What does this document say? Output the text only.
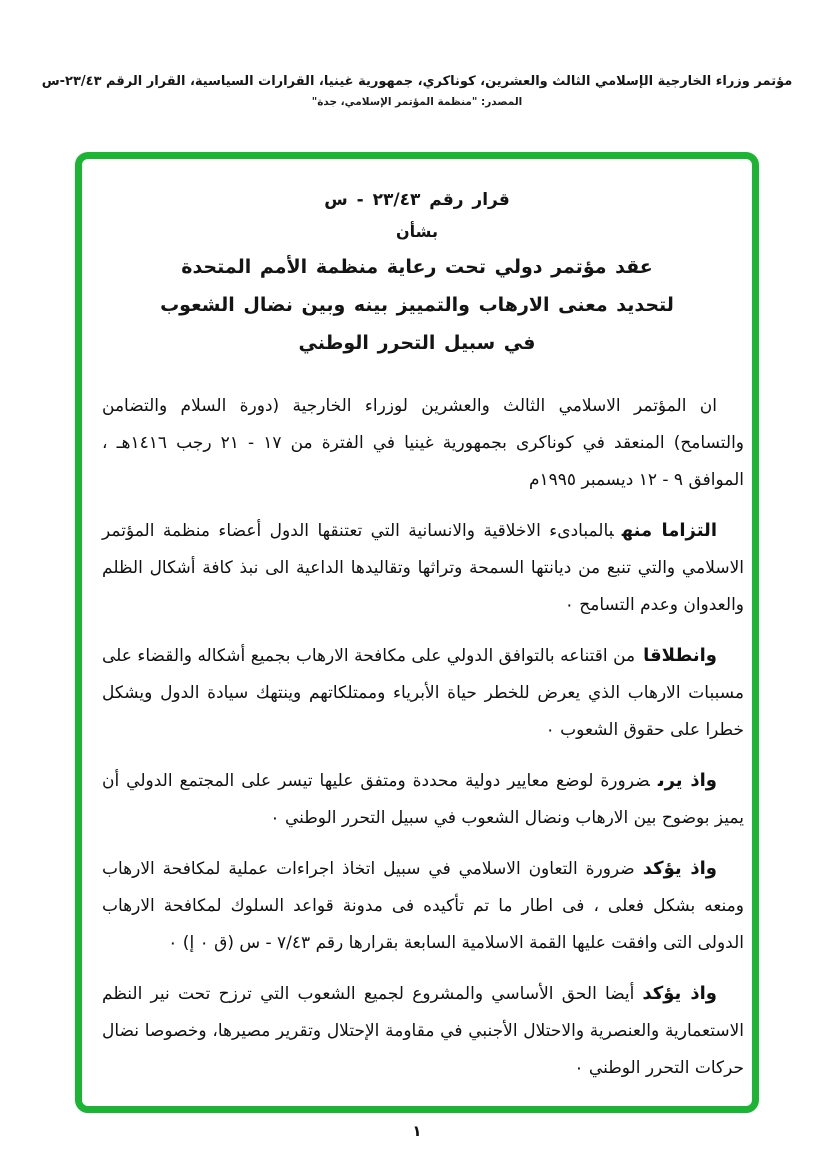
مؤتمر وزراء الخارجية الإسلامي الثالث والعشرين، كوناكري، جمهورية غينيا، القرارات السياسية، القرار الرقم ٢٣/٤٣-س
المصدر: "منظمة المؤتمر الإسلامي، جدة"
قرار رقم ٢٣/٤٣ - س
بشأن
عقد مؤتمر دولي تحت رعاية منظمة الأمم المتحدة
لتحديد معنى الارهاب والتمييز بينه وبين نضال الشعوب
في سبيل التحرر الوطني

ان المؤتمر الاسلامي الثالث والعشرين لوزراء الخارجية (دورة السلام والتضامن والتسامح) المنعقد في كوناكرى بجمهورية غينيا في الفترة من ١٧ - ٢١ رجب ١٤١٦هـ ، الموافق ٩ - ١٢ ديسمبر ١٩٩٥م

التزاما منهبالمبادىء الاخلاقية والانسانية التي تعتنقها الدول أعضاء منظمة المؤتمر الاسلامي والتي تنبع من ديانتها السمحة وتراثها وتقاليدها الداعية الى نبذ كافة أشكال الظلم والعدوان وعدم التسامح ٠

وانطلاقامن اقتناعه بالتوافق الدولي على مكافحة الارهاب بجميع أشكاله والقضاء على مسببات الارهاب الذي يعرض للخطر حياة الأبرياء وممتلكاتهم وينتهك سيادة الدول ويشكل خطرا على حقوق الشعوب ٠

واذ يرىضرورة لوضع معايير دولية محددة ومتفق عليها تيسر على المجتمع الدولي أن يميز بوضوح بين الارهاب ونضال الشعوب في سبيل التحرر الوطني ٠

واذ يؤكدضرورة التعاون الاسلامي في سبيل اتخاذ اجراءات عملية لمكافحة الارهاب ومنعه بشكل فعلى ، فى اطار ما تم تأكيده فى مدونة قواعد السلوك لمكافحة الارهاب الدولى التى وافقت عليها القمة الاسلامية السابعة بقرارها رقم ٧/٤٣ - س (ق ٠ إ) ٠

واذ يؤكدأيضا الحق الأساسي والمشروع لجميع الشعوب التي ترزح تحت نير النظم الاستعمارية والعنصرية والاحتلال الأجنبي في مقاومة الإحتلال وتقرير مصيرها، وخصوصا نضال حركات التحرر الوطني ٠

١
